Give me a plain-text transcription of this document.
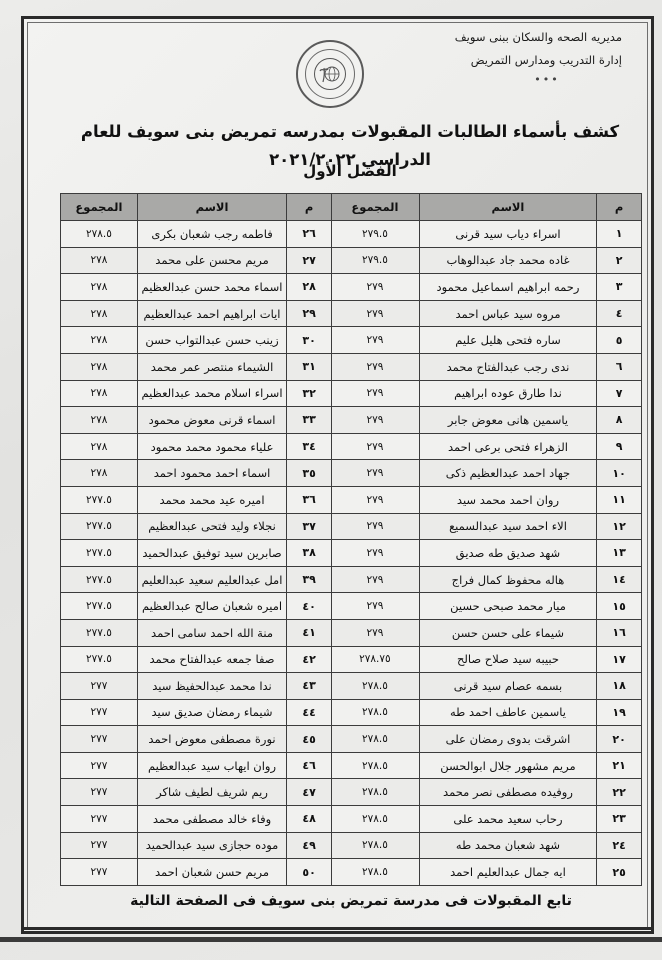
مديريه الصحه والسكان ببنى سويف
إدارة التدريب ومدارس التمريض
•••
كشف بأسماء الطالبات المقبولات بمدرسه تمريض بنى سويف للعام الدراسي ٢٠٢١/٢٠٢٢
الفصل الأول
م	الاسم	المجموع
١	اسراء دياب سيد قرنى	٢٧٩.٥
٢	غاده محمد جاد عبدالوهاب	٢٧٩.٥
٣	رحمه ابراهيم اسماعيل محمود	٢٧٩
٤	مروه سيد عباس احمد	٢٧٩
٥	ساره فتحى هليل عليم	٢٧٩
٦	ندى رجب عبدالفتاح محمد	٢٧٩
٧	ندا طارق عوده ابراهيم	٢٧٩
٨	ياسمين هانى معوض جابر	٢٧٩
٩	الزهراء فتحى برعى احمد	٢٧٩
١٠	جهاد احمد عبدالعظيم ذكى	٢٧٩
١١	روان احمد محمد سيد	٢٧٩
١٢	الاء احمد سيد عبدالسميع	٢٧٩
١٣	شهد صديق طه صديق	٢٧٩
١٤	هاله محفوظ كمال فراج	٢٧٩
١٥	ميار محمد صبحى حسين	٢٧٩
١٦	شيماء على حسن حسن	٢٧٩
١٧	حبيبه سيد صلاح صالح	٢٧٨.٧٥
١٨	بسمه عصام سيد قرنى	٢٧٨.٥
١٩	ياسمين عاطف احمد طه	٢٧٨.٥
٢٠	اشرقت بدوى رمضان على	٢٧٨.٥
٢١	مريم مشهور جلال ابوالحسن	٢٧٨.٥
٢٢	روفيده مصطفى نصر محمد	٢٧٨.٥
٢٣	رحاب سعيد محمد على	٢٧٨.٥
٢٤	شهد شعبان محمد طه	٢٧٨.٥
٢٥	ايه جمال عبدالعليم احمد	٢٧٨.٥
م	الاسم	المجموع
٢٦	فاطمه رجب شعبان بكرى	٢٧٨.٥
٢٧	مريم محسن على محمد	٢٧٨
٢٨	اسماء محمد حسن عبدالعظيم	٢٧٨
٢٩	ايات ابراهيم احمد عبدالعظيم	٢٧٨
٣٠	زينب حسن عبدالتواب حسن	٢٧٨
٣١	الشيماء منتصر عمر محمد	٢٧٨
٣٢	اسراء اسلام محمد عبدالعظيم	٢٧٨
٣٣	اسماء قرنى معوض محمود	٢٧٨
٣٤	علياء محمود محمد محمود	٢٧٨
٣٥	اسماء احمد محمود احمد	٢٧٨
٣٦	اميره عيد محمد محمد	٢٧٧.٥
٣٧	نجلاء وليد فتحى عبدالعظيم	٢٧٧.٥
٣٨	صابرين سيد توفيق عبدالحميد	٢٧٧.٥
٣٩	امل عبدالعليم سعيد عبدالعليم	٢٧٧.٥
٤٠	اميره شعبان صالح عبدالعظيم	٢٧٧.٥
٤١	منة الله احمد سامى احمد	٢٧٧.٥
٤٢	صفا جمعه عبدالفتاح محمد	٢٧٧.٥
٤٣	ندا محمد عبدالحفيظ سيد	٢٧٧
٤٤	شيماء رمضان صديق سيد	٢٧٧
٤٥	نورة مصطفى معوض احمد	٢٧٧
٤٦	روان ايهاب سيد عبدالعظيم	٢٧٧
٤٧	ريم شريف لطيف شاكر	٢٧٧
٤٨	وفاء خالد مصطفى محمد	٢٧٧
٤٩	موده حجازى سيد عبدالحميد	٢٧٧
٥٠	مريم حسن شعبان احمد	٢٧٧
تابع المقبولات فى مدرسة تمريض بنى سويف فى الصفحة التالية
